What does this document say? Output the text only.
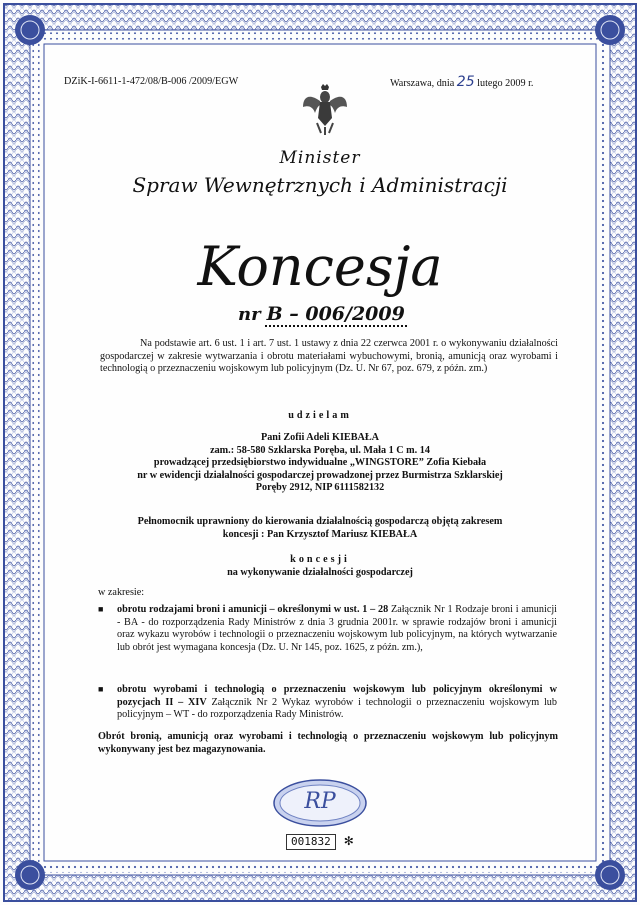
DZiK-I-6611-1-472/08/B-006 /2009/EGW	Warszawa, dnia 25 lutego 2009 r.
Minister
Spraw Wewnętrznych i Administracji
Koncesja
nr B – 006/2009
Na podstawie art. 6 ust. 1 i art. 7 ust. 1 ustawy z dnia 22 czerwca 2001 r. o wykonywaniu działalności gospodarczej w zakresie wytwarzania i obrotu materiałami wybuchowymi, bronią, amunicją oraz wyrobami i technologią o przeznaczeniu wojskowym lub policyjnym (Dz. U. Nr 67, poz. 679, z późn. zm.)
udzielam
Pani Zofii Adeli KIEBAŁA
zam.: 58-580 Szklarska Poręba, ul. Mała 1 C m. 14
prowadzącej przedsiębiorstwo indywidualne „WINGSTORE” Zofia Kiebała
nr w ewidencji działalności gospodarczej prowadzonej przez Burmistrza Szklarskiej
Poręby 2912, NIP 6111582132
Pełnomocnik uprawniony do kierowania działalnością gospodarczą objętą zakresem
koncesji : Pan Krzysztof Mariusz KIEBAŁA
koncesji
na wykonywanie działalności gospodarczej
w zakresie:
■ obrotu rodzajami broni i amunicji – określonymi w ust. 1 – 28 Załącznik Nr 1 Rodzaje broni i amunicji - BA - do rozporządzenia Rady Ministrów z dnia 3 grudnia 2001r. w sprawie rodzajów broni i amunicji oraz wykazu wyrobów i technologii o przeznaczeniu wojskowym lub policyjnym, na których wytwarzanie lub obrót jest wymagana koncesja (Dz. U. Nr 145, poz. 1625, z późn. zm.),
■ obrotu wyrobami i technologią o przeznaczeniu wojskowym lub policyjnym określonymi w pozycjach II – XIV Załącznik Nr 2 Wykaz wyrobów i technologii o przeznaczeniu wojskowym lub policyjnym – WT - do rozporządzenia Rady Ministrów.
Obrót bronią, amunicją oraz wyrobami i technologią o przeznaczeniu wojskowym lub policyjnym wykonywany jest bez magazynowania.
RP
001832 ✻
